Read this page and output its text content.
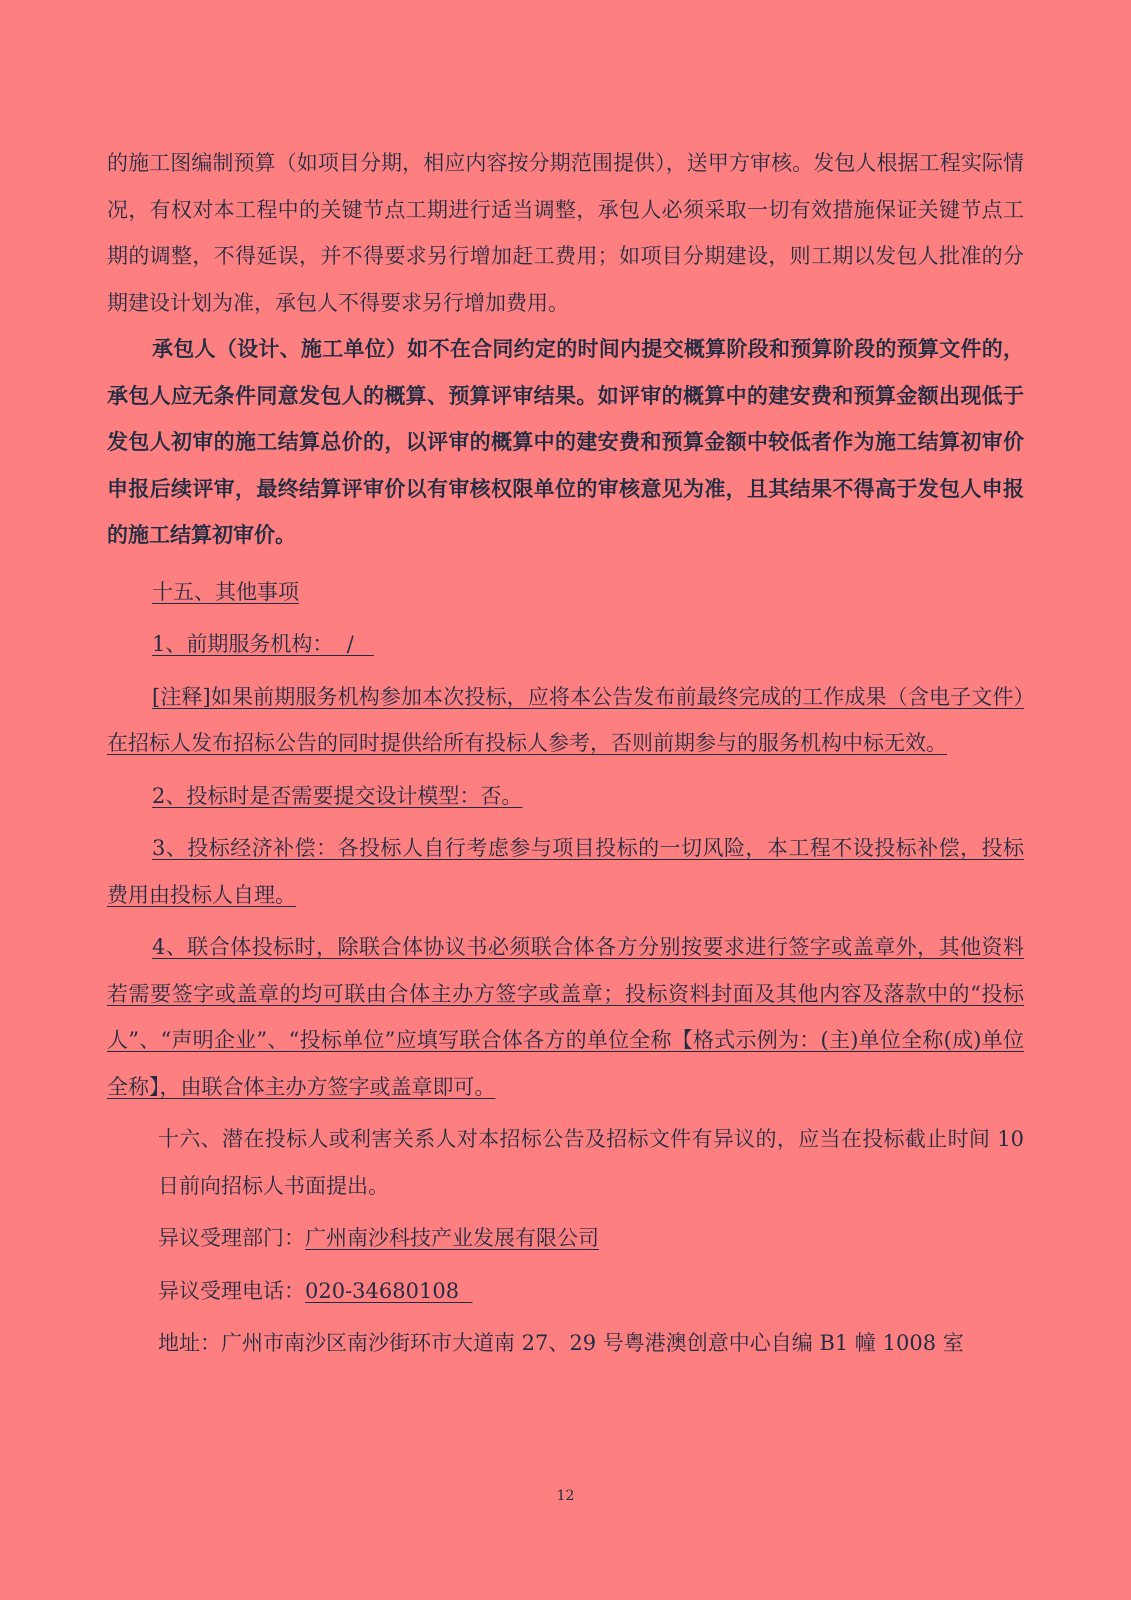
的施工图编制预算（如项目分期，相应内容按分期范围提供），送甲方审核。发包人根据工程实际情况，有权对本工程中的关键节点工期进行适当调整，承包人必须采取一切有效措施保证关键节点工期的调整，不得延误，并不得要求另行增加赶工费用；如项目分期建设，则工期以发包人批准的分期建设计划为准，承包人不得要求另行增加费用。

承包人（设计、施工单位）如不在合同约定的时间内提交概算阶段和预算阶段的预算文件的，承包人应无条件同意发包人的概算、预算评审结果。如评审的概算中的建安费和预算金额出现低于发包人初审的施工结算总价的，以评审的概算中的建安费和预算金额中较低者作为施工结算初审价申报后续评审，最终结算评审价以有审核权限单位的审核意见为准，且其结果不得高于发包人申报的施工结算初审价。

十五、其他事项

1、前期服务机构：  /

[注释]如果前期服务机构参加本次投标，应将本公告发布前最终完成的工作成果（含电子文件）在招标人发布招标公告的同时提供给所有投标人参考，否则前期参与的服务机构中标无效。

2、投标时是否需要提交设计模型：否。

3、投标经济补偿：各投标人自行考虑参与项目投标的一切风险，本工程不设投标补偿，投标费用由投标人自理。

4、联合体投标时，除联合体协议书必须联合体各方分别按要求进行签字或盖章外，其他资料若需要签字或盖章的均可联由合体主办方签字或盖章；投标资料封面及其他内容及落款中的“投标人”、“声明企业”、“投标单位”应填写联合体各方的单位全称【格式示例为：(主)单位全称(成)单位全称】，由联合体主办方签字或盖章即可。

十六、潜在投标人或利害关系人对本招标公告及招标文件有异议的，应当在投标截止时间 10 日前向招标人书面提出。

异议受理部门：广州南沙科技产业发展有限公司

异议受理电话：020-34680108

地址：广州市南沙区南沙街环市大道南 27、29 号粤港澳创意中心自编 B1 幢 1008 室

12
